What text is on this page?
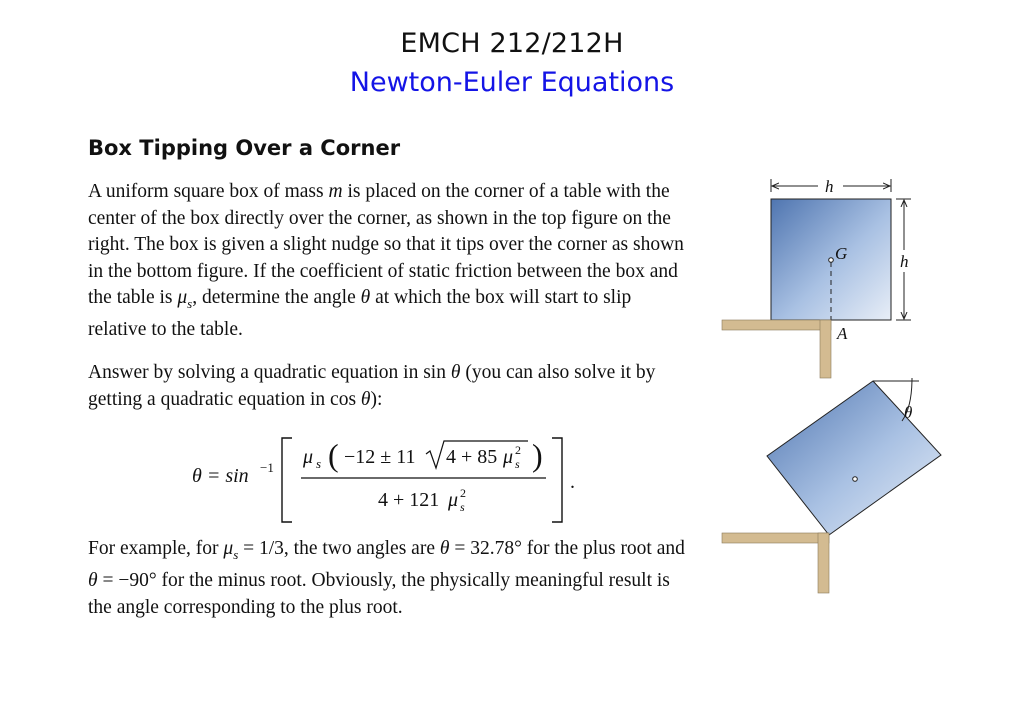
EMCH 212/212H
Newton-Euler Equations
Box Tipping Over a Corner

A uniform square box of mass m is placed on the corner of a table with the center of the box directly over the corner, as shown in the top figure on the right. The box is given a slight nudge so that it tips over the corner as shown in the bottom figure. If the coefficient of static friction between the box and the table is $\mu_s$, determine the angle θ at which the box will start to slip relative to the table.

Answer by solving a quadratic equation in sin θ (you can also solve it by getting a quadratic equation in cos θ):

θ = sin −1 μ s ( −12 ± 11 4 + 85 μ 2
s )
4 + 121 μ 2
s
.

For example, for $\mu_s = 1/3$, the two angles are θ = 32.78° for the plus root and θ = −90° for the minus root. Obviously, the physically meaningful result is the angle corresponding to the plus root.

h
G	h
A
θ
